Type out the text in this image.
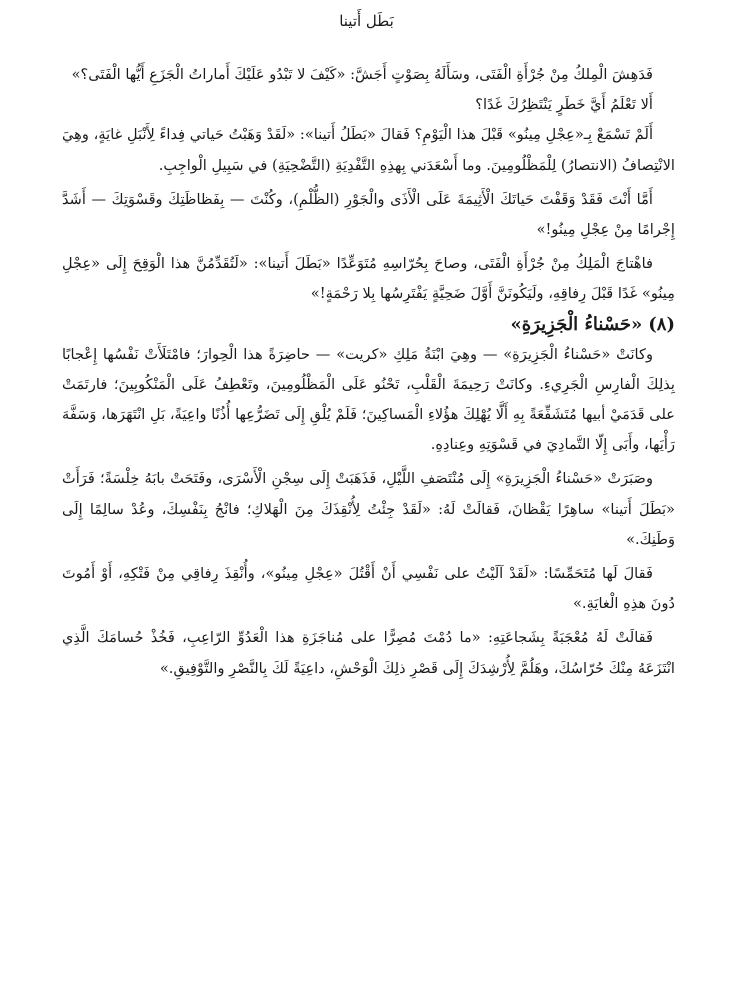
بَطَل أَتينا

فَدَهِشَ الْمِلكُ مِنْ جُرْأَةِ الْفَتَى، وسَأَلَهُ بِصَوْتٍ أَجَشَّ: «كَيْفَ لا تَبْدُو عَلَيْكَ أَماراتُ الْجَزَعِ أَيُّها الْفَتَى؟»

أَلا تَعْلَمُ أَيَّ خَطَرٍ يَنْتَظِرُكَ غَدًا؟

أَلَمْ تَسْمَعْ بِـ«عِجْلِ مِينُو» قَبْلَ هذا الْيَوْمِ؟ فَقالَ «بَطَلُ أَتينا»: «لَقَدْ وَهَبْتُ حَياتي فِداءً لِأَنْبَلِ غايَةٍ، وهِيَ الانْتِصافُ (الانتصارُ) لِلْمَظْلُومِينَ. وما أَسْعَدَني بِهذِهِ التَّفْدِيَةِ (التَّضْحِيَةِ) في سَبِيلِ الْواجِبِ.

أَمَّا أَنْتَ فَقَدْ وَقَفْتَ حَياتَكَ الْأَثِيمَةَ عَلَى الْأَذَى والْجَوْرِ (الظُّلْمِ)، وكُنْتَ — بِفَظاظَتِكَ وقَسْوَتِكَ — أَشَدَّ إِجْرامًا مِنْ عِجْلِ مِينُو!»

فاهْتاجَ الْمَلِكُ مِنْ جُرْأَةِ الْفَتَى، وصاحَ بِحُرّاسِهِ مُتَوَعِّدًا «بَطَلَ أَتينا»: «لَتُقَدِّمُنَّ هذا الْوَقِحَ إِلَى «عِجْلِ مِينُو» غَدًا قَبْلَ رِفاقِهِ، ولَيَكُونَنَّ أَوَّلَ ضَحِيَّةٍ يَفْتَرِسُها بِلا رَحْمَةٍ!»

(٨)«حَسْناءُ الْجَزِيرَةِ»

وكانَتْ «حَسْناءُ الْجَزِيرَةِ» — وهِيَ ابْنَةُ مَلِكِ «كريت» — حاضِرَةً هذا الْحِوارَ؛ فامْتَلَأَتْ نَفْسُها إِعْجابًا بِذلِكَ الْفارِسِ الْجَرِيءِ. وكانَتْ رَحِيمَةَ الْقَلْبِ، تَحْنُو عَلَى الْمَظْلُومِينَ، وتَعْطِفُ عَلَى الْمَنْكُوبِينَ؛ فارتَمَتْ على قَدَمَيْ أبيها مُتَشَفِّعَةً بِهِ أَلَّا يُهْلِكَ هؤُلاءِ الْمَساكِينَ؛ فَلَمْ يُلْقِ إِلَى تَضَرُّعِها أُذُنًا واعِيَةً، بَلِ انْتَهَرَها، وَسَفَّهَ رَأْيَها، وأَبَى إِلّا التَّمادِيَ في قَسْوَتِهِ وعِنادِهِ.

وصَبَرَتْ «حَسْناءُ الْجَزِيرَةِ» إِلَى مُنْتَصَفِ اللَّيْلِ، فَذَهَبَتْ إِلَى سِجْنِ الْأَسْرَى، وفَتَحَتْ بابَهُ خِلْسَةً؛ فَرَأَتْ «بَطَلَ أَتينا» ساهِرًا يَقْظانَ، فَقالَتْ لَهُ: «لَقَدْ جِئْتُ لِأُنْقِذَكَ مِنَ الْهَلاكِ؛ فانْجُ بِنَفْسِكَ، وعُدْ سالِمًا إِلَى وَطَنِكَ.»

فَقالَ لَها مُتَحَمِّسًا: «لَقَدْ آلَيْتُ على نَفْسِي أَنْ أَقْتُلَ «عِجْلِ مِينُو»، وأُنْقِذَ رِفاقِي مِنْ فَتْكِهِ، أَوْ أَمُوتَ دُونَ هذِهِ الْغايَةِ.»

فَقالَتْ لَهُ مُعْجَبَةً بِشَجاعَتِهِ: «ما دُمْتَ مُصِرًّا على مُناجَزَةِ هذا الْعَدُوِّ الرّاعِبِ، فَخُذْ حُسامَكَ الَّذِي انْتَزَعَهُ مِنْكَ حُرّاسُكَ، وهَلُمَّ لِأُرْشِدَكَ إِلَى قَصْرِ ذلِكَ الْوَحْشِ، داعِيَةً لَكَ بِالنَّصْرِ والتَّوْفِيقِ.»
